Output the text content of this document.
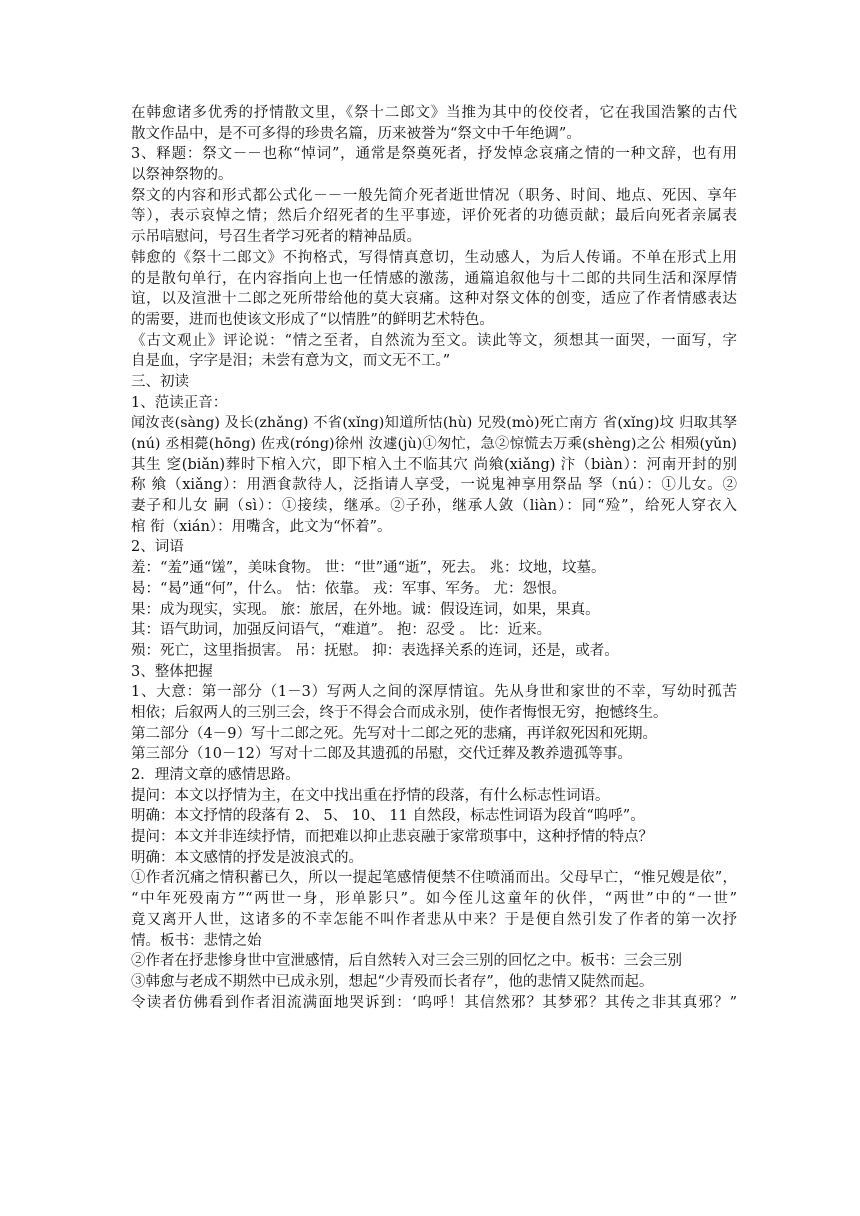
在韩愈诸多优秀的抒情散文里，《祭十二郎文》当推为其中的佼佼者，它在我国浩繁的古代
散文作品中，是不可多得的珍贵名篇，历来被誉为“祭文中千年绝调”。
3、释题：祭文－－也称“悼词”，通常是祭奠死者，抒发悼念哀痛之情的一种文辞，也有用
以祭神祭物的。
祭文的内容和形式都公式化－－一般先简介死者逝世情况（职务、时间、地点、死因、享年
等），表示哀悼之情；然后介绍死者的生平事迹，评价死者的功德贡献；最后向死者亲属表
示吊唁慰问，号召生者学习死者的精神品质。
韩愈的《祭十二郎文》不拘格式，写得情真意切，生动感人，为后人传诵。不单在形式上用
的是散句单行，在内容指向上也一任情感的激荡，通篇追叙他与十二郎的共同生活和深厚情
谊，以及渲泄十二郎之死所带给他的莫大哀痛。这种对祭文体的创变，适应了作者情感表达
的需要，进而也使该文形成了“以情胜”的鲜明艺术特色。
《古文观止》评论说：“情之至者，自然流为至文。读此等文，须想其一面哭，一面写，字
自是血，字字是泪；未尝有意为文，而文无不工。”
三、初读
1、范读正音：
闻汝丧(sàng) 及长(zhǎng) 不省(xǐng)知道所怙(hù) 兄殁(mò)死亡南方 省(xǐng)坟 归取其孥
(nú) 丞相薨(hōng) 佐戎(róng)徐州 汝遽(jù)①匆忙，急②惊慌去万乘(shèng)之公 相殒(yǔn)
其生 窆(biǎn)葬时下棺入穴，即下棺入土不临其穴 尚飨(xiǎng) 汴（biàn）：河南开封的别
称 飨（xiǎng）：用酒食款待人，泛指请人享受，一说鬼神享用祭品 孥（nú）：①儿女。②
妻子和儿女 嗣（sì）：①接续，继承。②子孙，继承人敛（liàn）：同“殓”，给死人穿衣入
棺 衔（xián）：用嘴含，此文为“怀着”。
2、词语
羞：“羞”通“馐”，美味食物。 世：“世”通“逝”，死去。 兆：坟地，坟墓。
曷：“曷”通“何”，什么。 怙：依靠。 戎：军事、军务。 尤：怨恨。
果：成为现实，实现。 旅：旅居，在外地。诚：假设连词，如果，果真。
其：语气助词，加强反问语气，“难道”。 抱：忍受 。 比：近来。
殒：死亡，这里指损害。 吊：抚慰。 抑：表选择关系的连词，还是，或者。
3、整体把握
1、大意：第一部分（1－3）写两人之间的深厚情谊。先从身世和家世的不幸，写幼时孤苦
相依；后叙两人的三别三会，终于不得会合而成永别，使作者悔恨无穷，抱憾终生。
第二部分（4－9）写十二郎之死。先写对十二郎之死的悲痛，再详叙死因和死期。
第三部分（10－12）写对十二郎及其遗孤的吊慰，交代迁葬及教养遗孤等事。
2．理清文章的感情思路。
提问：本文以抒情为主，在文中找出重在抒情的段落，有什么标志性词语。
明确：本文抒情的段落有 2、 5、 10、 11 自然段，标志性词语为段首“呜呼”。
提问：本文并非连续抒情，而把难以抑止悲哀融于家常琐事中，这种抒情的特点？
明确：本文感情的抒发是波浪式的。
①作者沉痛之情积蓄已久，所以一提起笔感情便禁不住喷涌而出。父母早亡，“惟兄嫂是依”，
“中年死殁南方”“两世一身，形单影只”。如今侄儿这童年的伙伴，“两世”中的“一世”
竟又离开人世，这诸多的不幸怎能不叫作者悲从中来？于是便自然引发了作者的第一次抒
情。板书：悲情之始
②作者在抒悲惨身世中宣泄感情，后自然转入对三会三别的回忆之中。板书：三会三别
③韩愈与老成不期然中已成永别，想起“少青殁而长者存”，他的悲情又陡然而起。
令读者仿佛看到作者泪流满面地哭诉到：‘呜呼！其信然邪？其梦邪？其传之非其真邪？”
